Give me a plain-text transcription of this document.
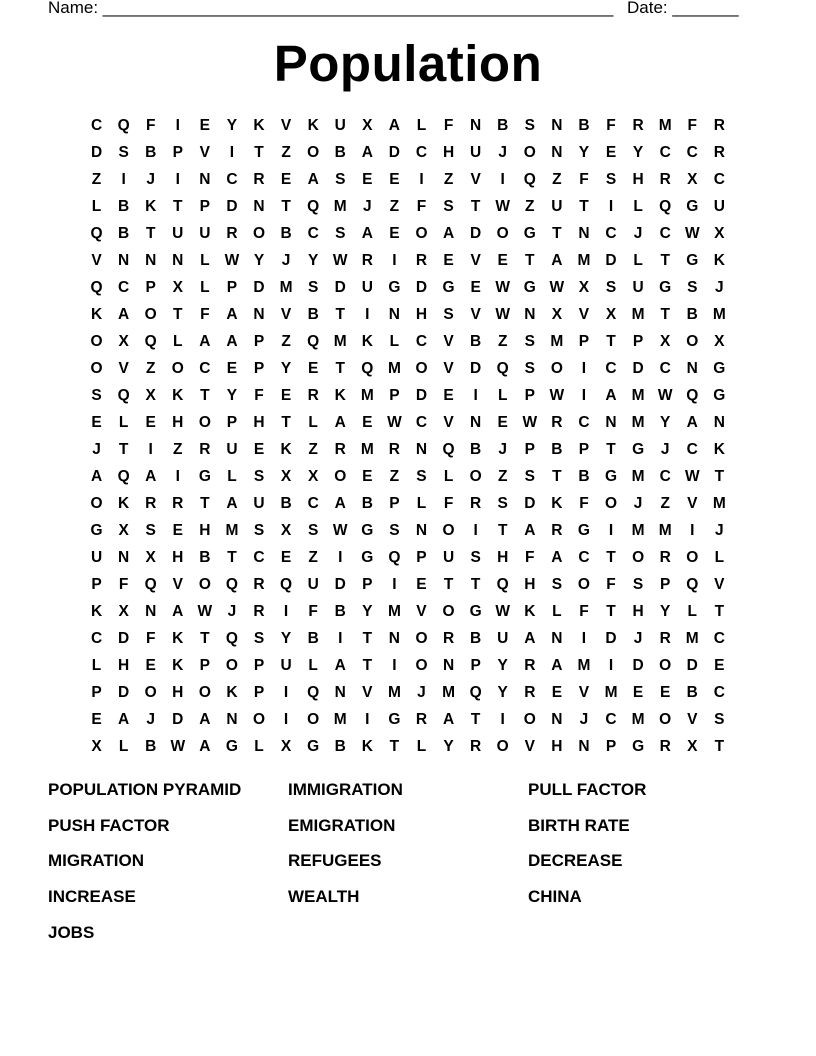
Name: ______________________________________________________ Date: _______
Population
C Q	F	I	E	Y	K	V	K	U	X	A	L	F	N	B	S	N	B	F	R M	F	R
D	S	B	P	V	I	T	Z	O B	A	D	C	H	U	J	O N	Y	E	Y	C	C	R
Z	I	J	I	N	C	R	E	A	S	E	E	I	Z	V	I	Q	Z	F	S	H	R	X	C
L	B	K	T	P	D	N	T	Q M	J	Z	F	S	T W Z	U	T	I	L	Q G U
Q B	T	U	U	R O B	C	S	A	E	O A	D O G	T	N	C	J	C W X
V	N	N	N	L W Y	J	Y W R	I	R	E	V	E	T	A M D	L	T	G K
Q C	P	X	L	P	D M S	D	U G D G	E W G W X	S	U G	S	J
K	A O	T	F	A	N	V	B	T	I	N	H	S	V W N	X	V	X M	T	B M
O	X	Q	L	A	A	P	Z	Q M K	L	C	V	B	Z	S M P	T	P	X	O	X
O	V	Z	O C	E	P	Y	E	T	Q M O	V	D Q	S	O	I	C	D	C	N G
S	Q	X	K	T	Y	F	E	R	K M P	D	E	I	L	P W	I	A M W Q G
E	L	E	H O	P	H	T	L	A	E W C	V	N	E W R	C	N M Y	A	N
J	T	I	Z	R	U	E	K	Z	R M R	N Q B	J	P	B	P	T	G	J	C	K
A Q A	I	G	L	S	X	X	O	E	Z	S	L	O	Z	S	T	B G M C W T
O K	R	R	T	A	U	B	C	A	B	P	L	F	R	S	D	K	F	O	J	Z	V M
G	X	S	E	H M S	X	S W G	S	N O	I	T	A	R G	I	M M	I	J
U	N	X	H	B	T	C	E	Z	I	G Q	P	U	S	H	F	A	C	T	O R O	L
P	F	Q	V	O Q R Q U	D	P	I	E	T	T	Q H	S	O	F	S	P	Q	V
K	X	N	A W J	R	I	F	B	Y M V	O G W K	L	F	T	H	Y	L	T
C	D	F	K	T	Q	S	Y	B	I	T	N O R	B	U	A	N	I	D	J	R M C
L	H	E	K	P	O	P	U	L	A	T	I	O N	P	Y	R	A M	I	D O D	E
P	D O H O K	P	I	Q N	V M	J	M Q	Y	R	E	V M E	E	B	C
E	A	J	D	A	N O	I	O M	I	G R	A	T	I	O N	J	C M O	V	S
X	L	B W A G	L	X	G B	K	T	L	Y	R O	V	H	N	P	G R	X	T
POPULATION PYRAMID	IMMIGRATION	PULL FACTOR
PUSH FACTOR	EMIGRATION	BIRTH RATE
MIGRATION	REFUGEES	DECREASE
INCREASE	WEALTH	CHINA
JOBS
